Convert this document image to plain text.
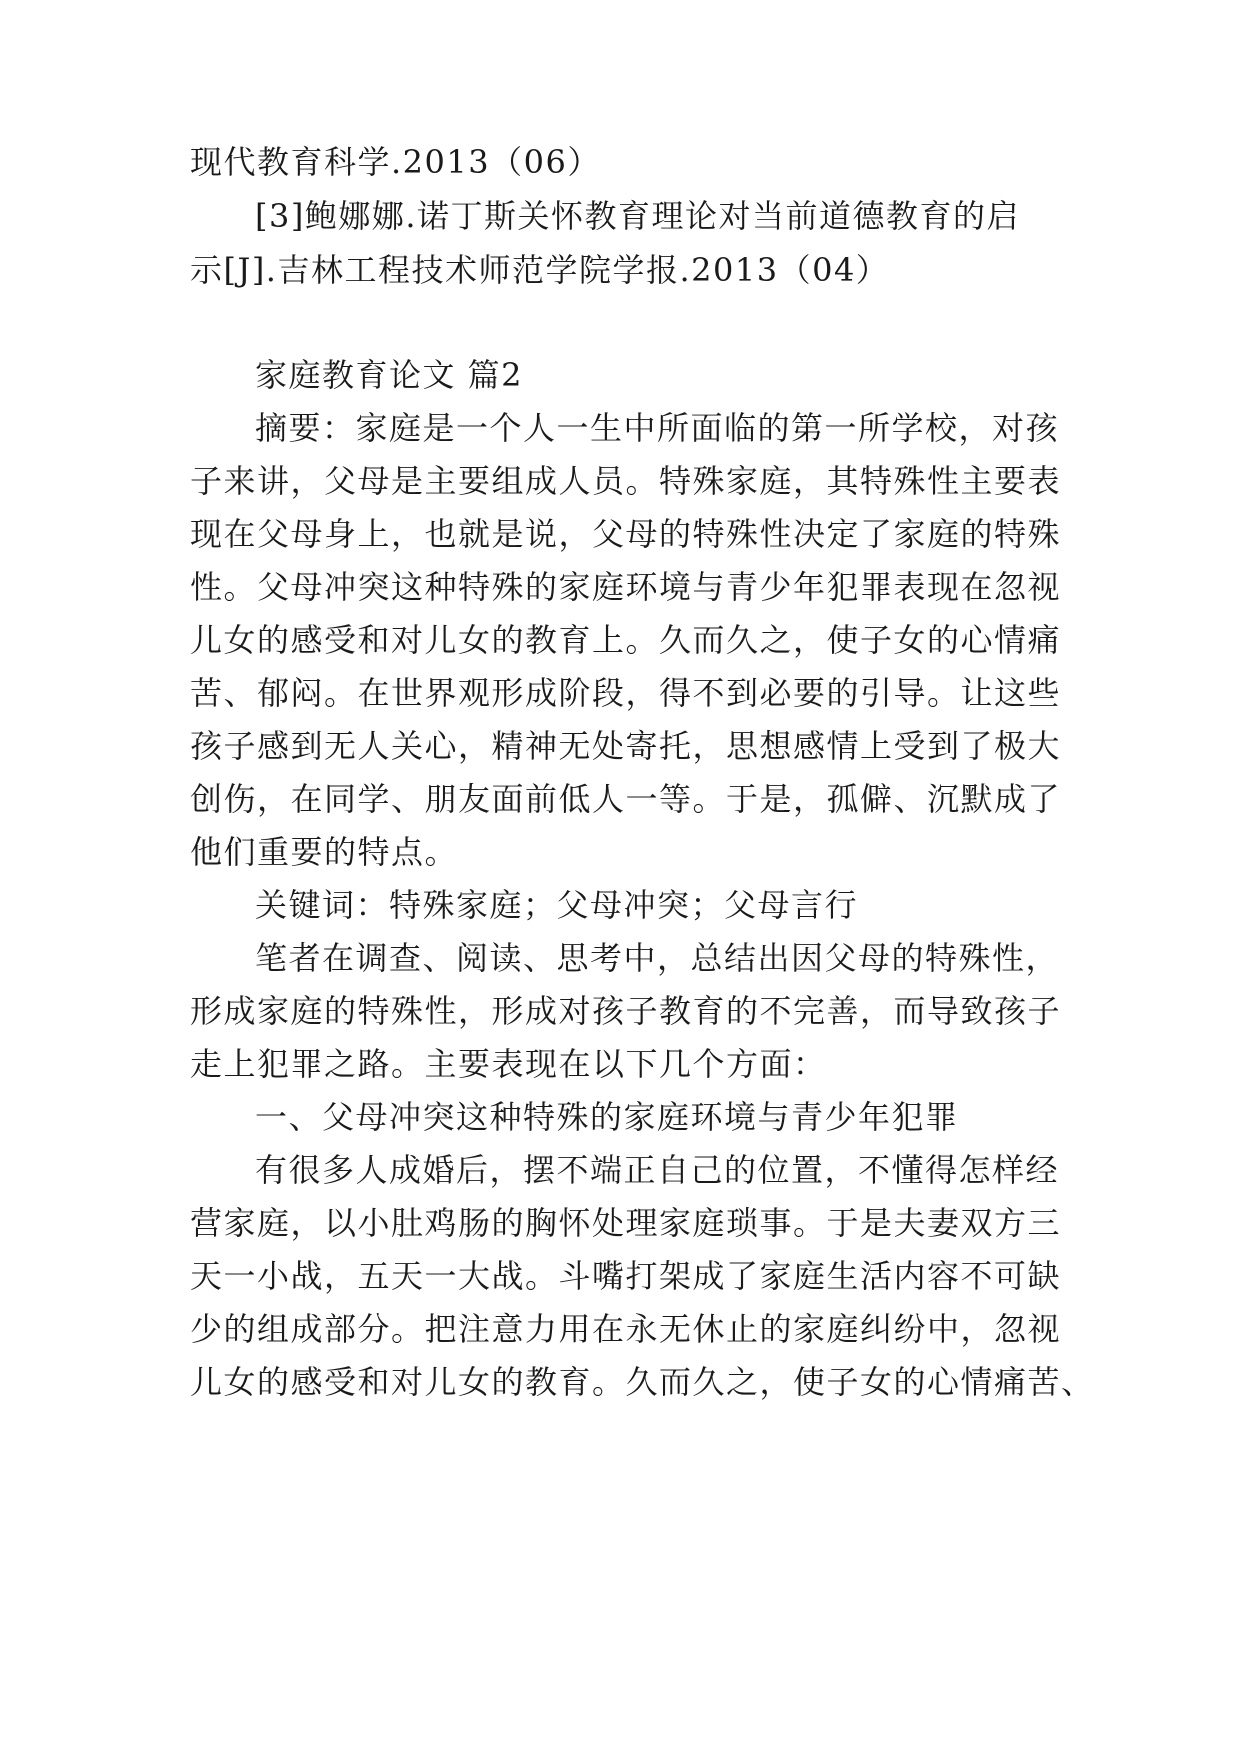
现代教育科学.2013（06）
[3]鲍娜娜.诺丁斯关怀教育理论对当前道德教育的启
示[J].吉林工程技术师范学院学报.2013（04）
家庭教育论文 篇2
摘要：家庭是一个人一生中所面临的第一所学校，对孩
子来讲，父母是主要组成人员。特殊家庭，其特殊性主要表
现在父母身上，也就是说，父母的特殊性决定了家庭的特殊
性。父母冲突这种特殊的家庭环境与青少年犯罪表现在忽视
儿女的感受和对儿女的教育上。久而久之，使子女的心情痛
苦、郁闷。在世界观形成阶段，得不到必要的引导。让这些
孩子感到无人关心，精神无处寄托，思想感情上受到了极大
创伤，在同学、朋友面前低人一等。于是，孤僻、沉默成了
他们重要的特点。
关键词：特殊家庭；父母冲突；父母言行
笔者在调查、阅读、思考中，总结出因父母的特殊性，
形成家庭的特殊性，形成对孩子教育的不完善，而导致孩子
走上犯罪之路。主要表现在以下几个方面：
一、父母冲突这种特殊的家庭环境与青少年犯罪
有很多人成婚后，摆不端正自己的位置，不懂得怎样经
营家庭，以小肚鸡肠的胸怀处理家庭琐事。于是夫妻双方三
天一小战，五天一大战。斗嘴打架成了家庭生活内容不可缺
少的组成部分。把注意力用在永无休止的家庭纠纷中，忽视
儿女的感受和对儿女的教育。久而久之，使子女的心情痛苦、
